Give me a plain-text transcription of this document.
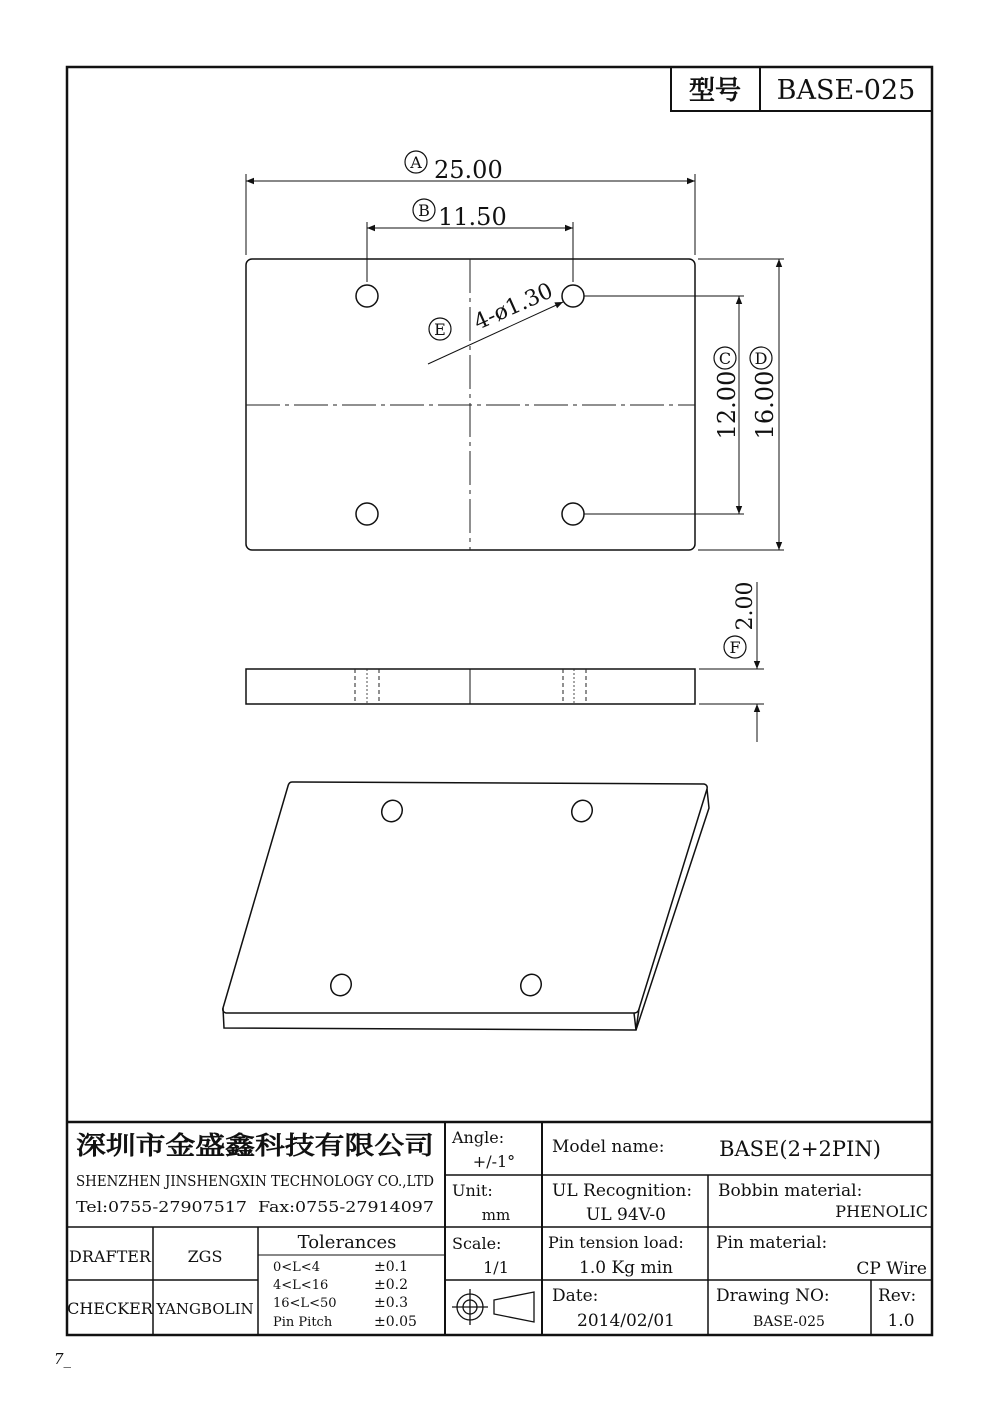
型号 BASE-025
A 25.00
B 11.50
C
12.00
D
16.00
E 4-ø1.30
F
2.00
深圳市金盛鑫科技有限公司
SHENZHEN JINSHENGXIN TECHNOLOGY CO.,LTD
Tel:0755-27907517  Fax:0755-27914097
DRAFTER ZGS
CHECKER YANGBOLIN
Tolerances
0<L<4	±0.1
4<L<16	±0.2
16<L<50	±0.3
Pin Pitch	±0.05
Angle:
+/-1°
Unit:
mm
Scale:
1/1
Model name:	BASE(2+2PIN)
UL Recognition:
UL 94V-0
Bobbin material:
PHENOLIC
Pin tension load:
1.0 Kg min
Pin material:
CP Wire
Date:
2014/02/01
Drawing NO:
BASE-025
Rev:
1.0
7_
